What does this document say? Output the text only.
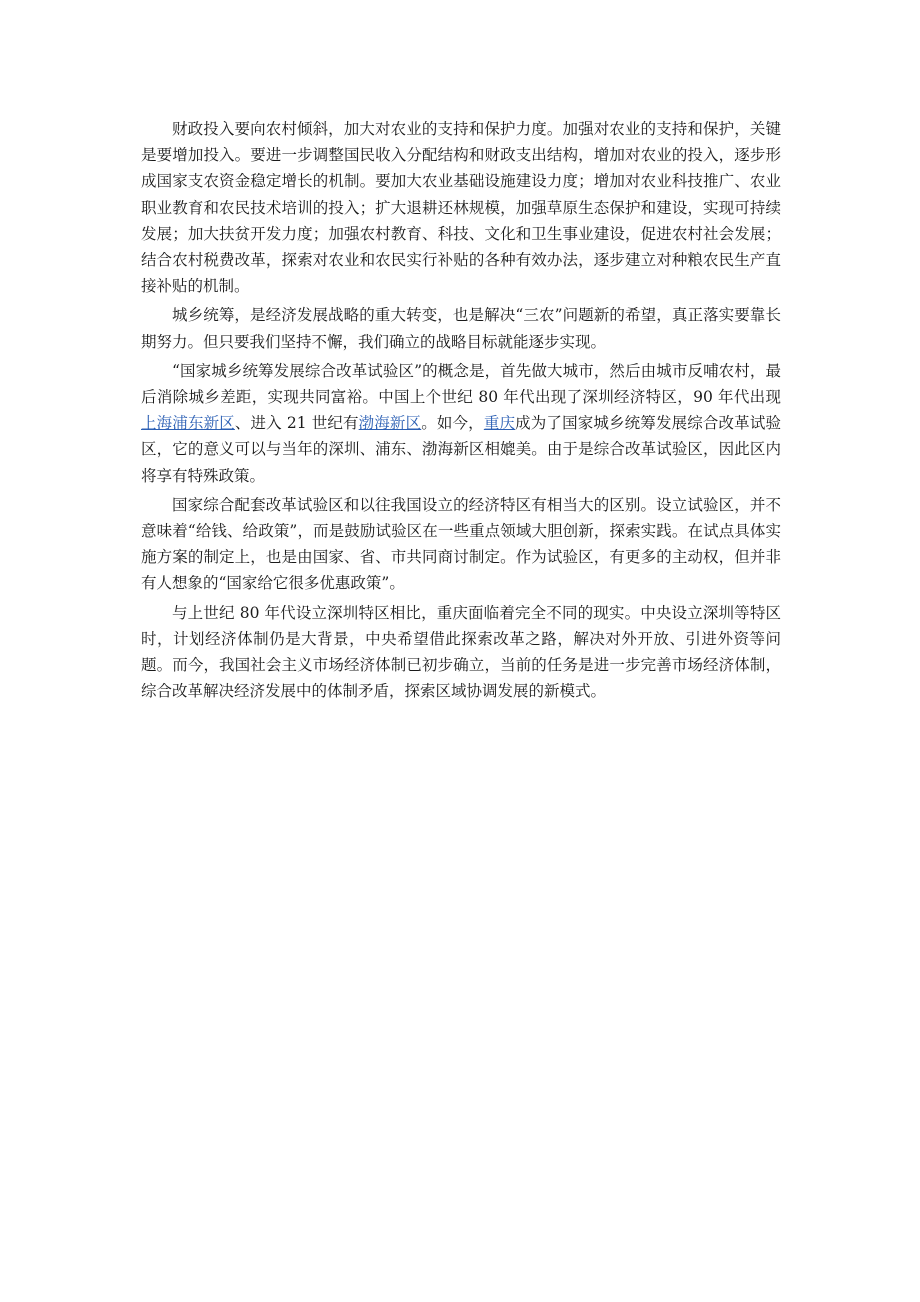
财政投入要向农村倾斜，加大对农业的支持和保护力度。加强对农业的支持和保护，关键是要增加投入。要进一步调整国民收入分配结构和财政支出结构，增加对农业的投入，逐步形成国家支农资金稳定增长的机制。要加大农业基础设施建设力度；增加对农业科技推广、农业职业教育和农民技术培训的投入；扩大退耕还林规模，加强草原生态保护和建设，实现可持续发展；加大扶贫开发力度；加强农村教育、科技、文化和卫生事业建设，促进农村社会发展；结合农村税费改革，探索对农业和农民实行补贴的各种有效办法，逐步建立对种粮农民生产直接补贴的机制。

城乡统筹，是经济发展战略的重大转变，也是解决“三农”问题新的希望，真正落实要靠长期努力。但只要我们坚持不懈，我们确立的战略目标就能逐步实现。

“国家城乡统筹发展综合改革试验区”的概念是，首先做大城市，然后由城市反哺农村，最后消除城乡差距，实现共同富裕。中国上个世纪 80 年代出现了深圳经济特区，90 年代出现上海浦东新区、进入 21 世纪有渤海新区。如今，重庆成为了国家城乡统筹发展综合改革试验区，它的意义可以与当年的深圳、浦东、渤海新区相媲美。由于是综合改革试验区，因此区内将享有特殊政策。

国家综合配套改革试验区和以往我国设立的经济特区有相当大的区别。设立试验区，并不意味着“给钱、给政策”，而是鼓励试验区在一些重点领域大胆创新，探索实践。在试点具体实施方案的制定上，也是由国家、省、市共同商讨制定。作为试验区，有更多的主动权，但并非有人想象的“国家给它很多优惠政策”。

与上世纪 80 年代设立深圳特区相比，重庆面临着完全不同的现实。中央设立深圳等特区时，计划经济体制仍是大背景，中央希望借此探索改革之路，解决对外开放、引进外资等问题。而今，我国社会主义市场经济体制已初步确立，当前的任务是进一步完善市场经济体制，综合改革解决经济发展中的体制矛盾，探索区域协调发展的新模式。
